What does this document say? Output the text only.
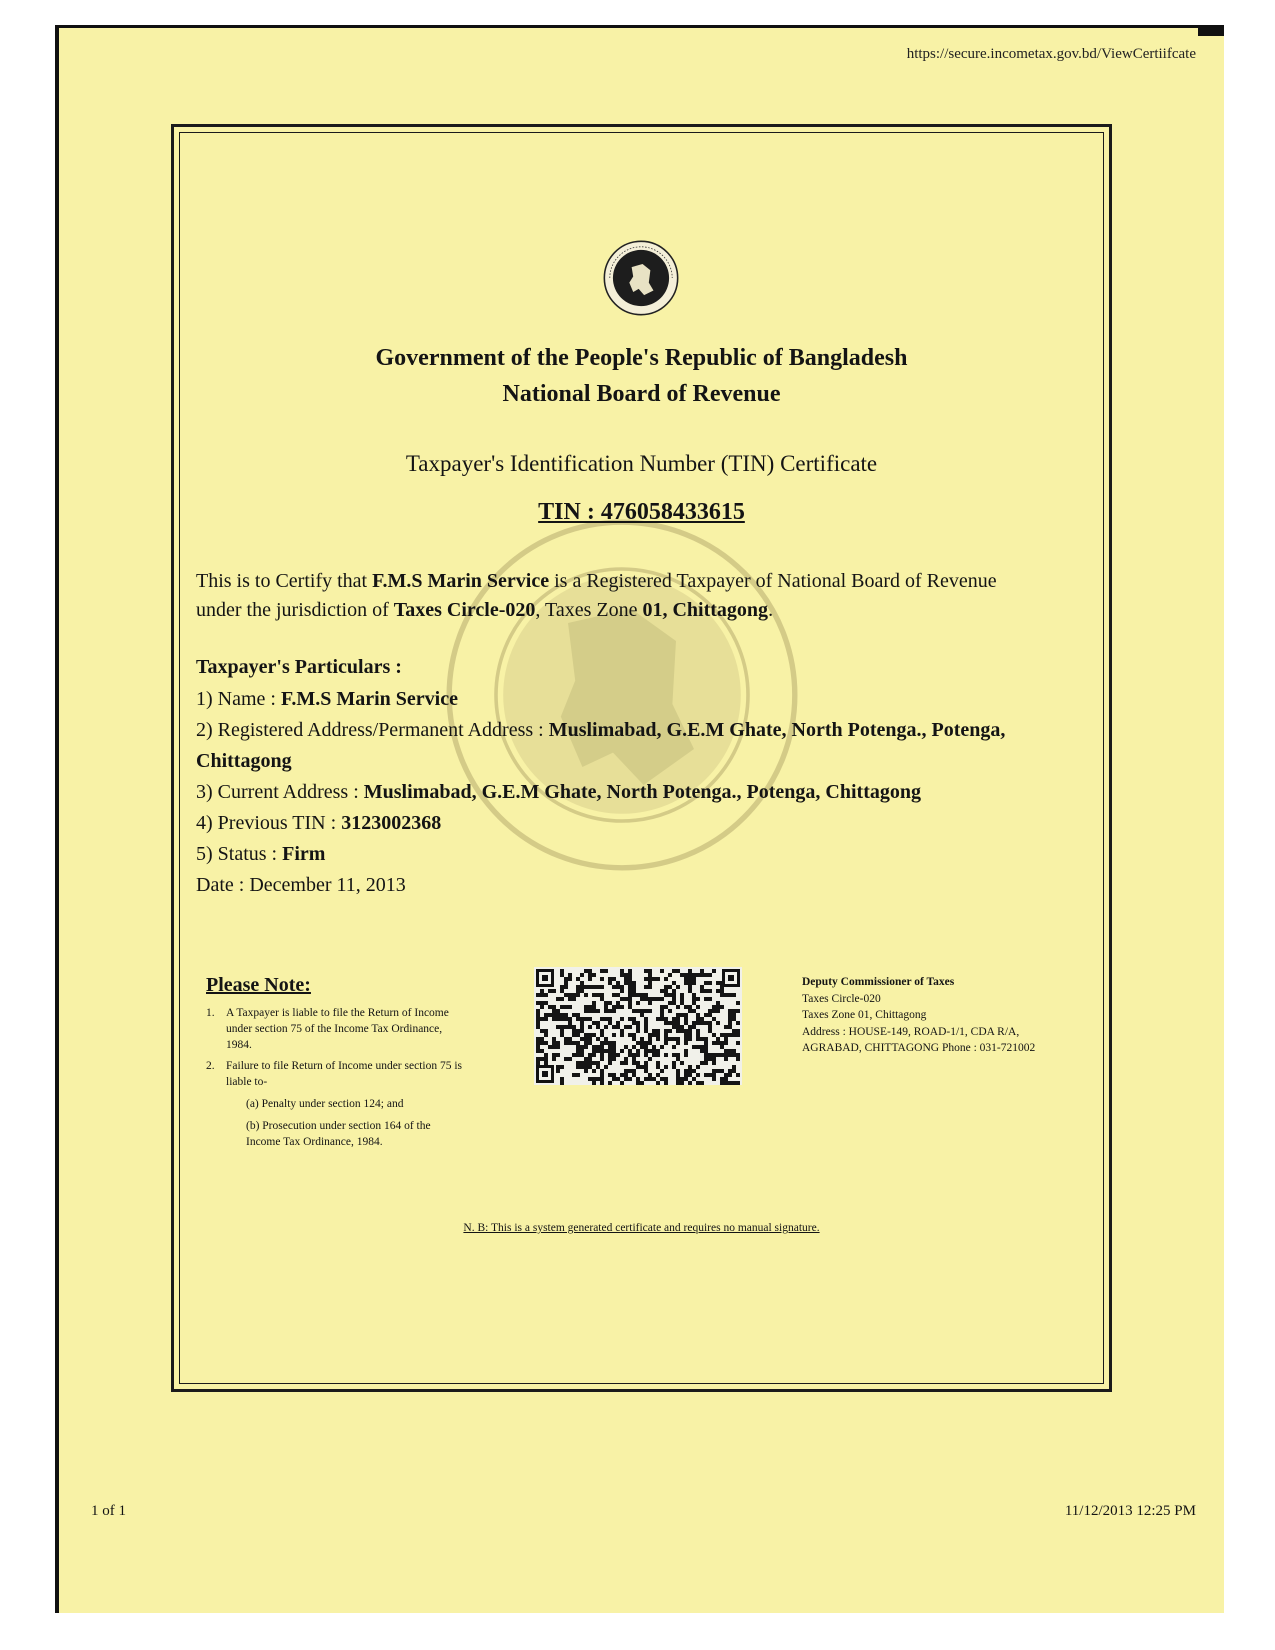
https://secure.incometax.gov.bd/ViewCertiifcate
Government of the People's Republic of Bangladesh
National Board of Revenue
Taxpayer's Identification Number (TIN) Certificate
TIN : 476058433615
This is to Certify that F.M.S Marin Service is a Registered Taxpayer of National Board of Revenue under the jurisdiction of Taxes Circle-020, Taxes Zone 01, Chittagong.
Taxpayer's Particulars :
1) Name : F.M.S Marin Service
2) Registered Address/Permanent Address : Muslimabad, G.E.M Ghate, North Potenga., Potenga, Chittagong
3) Current Address : Muslimabad, G.E.M Ghate, North Potenga., Potenga, Chittagong
4) Previous TIN : 3123002368
5) Status : Firm
Date : December 11, 2013
Please Note:
1. A Taxpayer is liable to file the Return of Income under section 75 of the Income Tax Ordinance, 1984.
2. Failure to file Return of Income under section 75 is liable to-
(a) Penalty under section 124; and
(b) Prosecution under section 164 of the Income Tax Ordinance, 1984.
Deputy Commissioner of Taxes
Taxes Circle-020
Taxes Zone 01, Chittagong
Address : HOUSE-149, ROAD-1/1, CDA R/A, AGRABAD, CHITTAGONG Phone : 031-721002
N. B: This is a system generated certificate and requires no manual signature.
1 of 1	11/12/2013 12:25 PM
